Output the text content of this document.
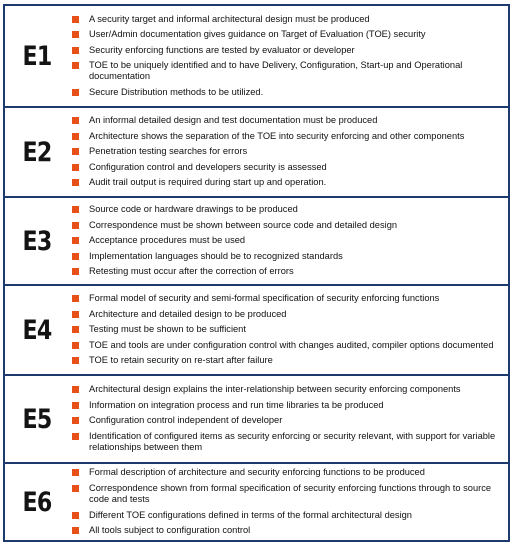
E1
A security target and informal architectural design must be produced
User/Admin documentation gives guidance on Target of Evaluation (TOE) security
Security enforcing functions are tested by evaluator or developer
TOE to be uniquely identified and to have Delivery, Configuration, Start-up and Operational documentation
Secure Distribution methods to be utilized.
E2
An informal detailed design and test documentation must be produced
Architecture shows the separation of the TOE into security enforcing and other components
Penetration testing searches for errors
Configuration control and developers security is assessed
Audit trail output is required during start up and operation.
E3
Source code or hardware drawings to be produced
Correspondence must be shown between source code and detailed design
Acceptance procedures must be used
Implementation languages should be to recognized standards
Retesting must occur after the correction of errors
E4
Formal model of security and semi-formal specification of security enforcing functions
Architecture and detailed design to be produced
Testing must be shown to be sufficient
TOE and tools are under configuration control with changes audited, compiler options documented
TOE to retain security on re-start after failure
E5
Architectural design explains the inter-relationship between security enforcing components
Information on integration process and run time libraries ta be produced
Configuration control independent of developer
Identification of configured items as security enforcing or security relevant, with support for variable relationships between them
E6
Formal description of architecture and security enforcing functions to be produced
Correspondence shown from formal specification of security enforcing functions through to source code and tests
Different TOE configurations defined in terms of the formal architectural design
All tools subject to configuration control
